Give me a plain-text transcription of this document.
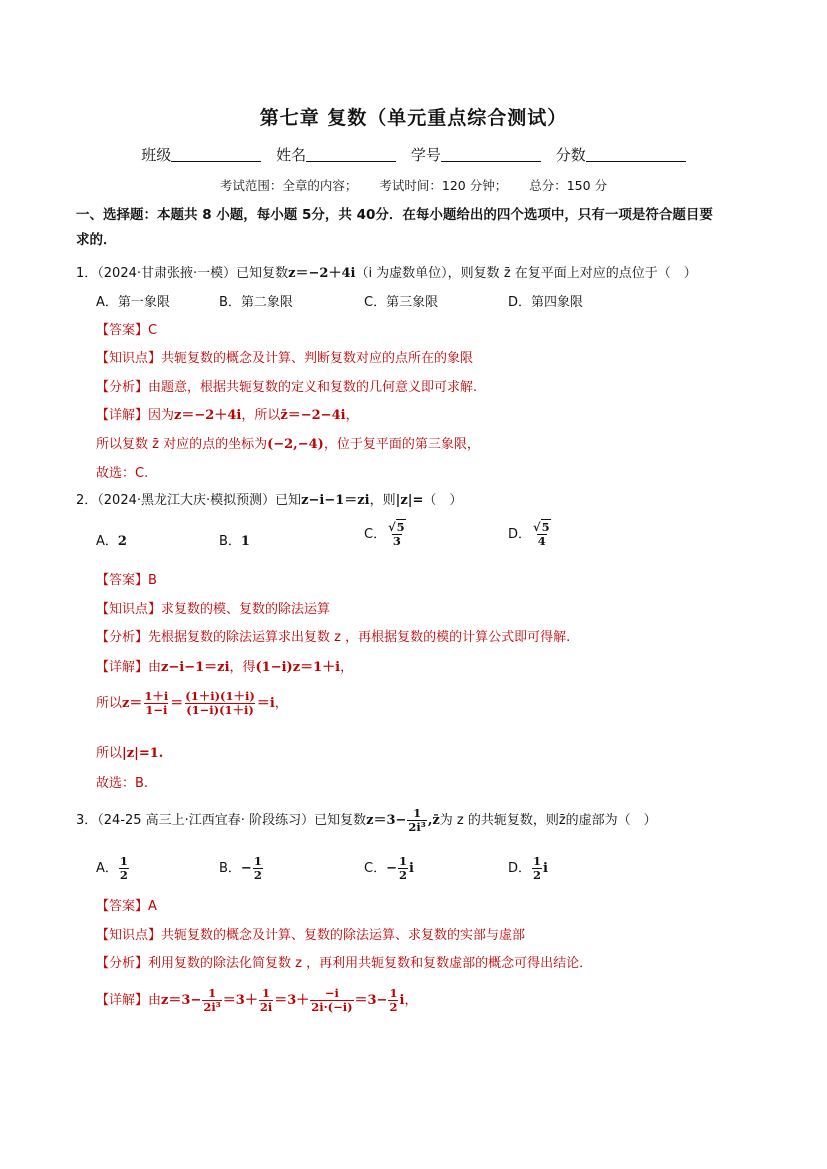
第七章 复数（单元重点综合测试）
班级	姓名	学号	分数
考试范围：全章的内容； 考试时间：120 分钟； 总分：150 分
一、选择题：本题共 8 小题，每小题 5分，共 40分．在每小题给出的四个选项中，只有一项是符合题目要
求的．
1．（2024·甘肃张掖·一模）已知复数z＝−2＋4i（i 为虚数单位），则复数 z̄ 在复平面上对应的点位于（　）
A．第一象限	B．第二象限	C．第三象限	D．第四象限
【答案】C
【知识点】共轭复数的概念及计算、判断复数对应的点所在的象限
【分析】由题意，根据共轭复数的定义和复数的几何意义即可求解.
【详解】因为z＝−2＋4i，所以z̄＝−2−4i，
所以复数 z̄ 对应的点的坐标为(−2,−4)，位于复平面的第三象限，
故选：C.
2．（2024·黑龙江大庆·模拟预测）已知z−i−1＝zi，则|z|=（　）
A．2	B．1	C． $\frac{√5}{3}$	D． $\frac{√5}{4}$
【答案】B
【知识点】求复数的模、复数的除法运算
【分析】先根据复数的除法运算求出复数 z ，再根据复数的模的计算公式即可得解.
【详解】由z−i−1＝zi，得(1−i)z＝1＋i，
所以$z= \frac{1+i}{1-i} = \frac{(1+i)(1+i)}{(1-i)(1+i)} =i$，
所以|z|=1.
故选：B.
3．（24-25 高三上·江西宜春· 阶段练习）已知复数$z=3- \frac{1}{\text{2i³}}$ ,z̄为 z 的共轭复数，则z̄的虚部为（　）
A． $\frac{1}{2}$	B．− $\frac{1}{2}$	C．− $\frac{1}{2}$ i	D． $\frac{1}{2}$ i
【答案】A
【知识点】共轭复数的概念及计算、复数的除法运算、求复数的实部与虚部
【分析】利用复数的除法化简复数 z ，再利用共轭复数和复数虚部的概念可得出结论．
【详解】由$z=3- \frac{1}{\text{2i³}} =3+ \frac{1}{2i} =3+ \frac{-i}{2i\cdot(-i)} =3- \frac{1}{2}$ i，
